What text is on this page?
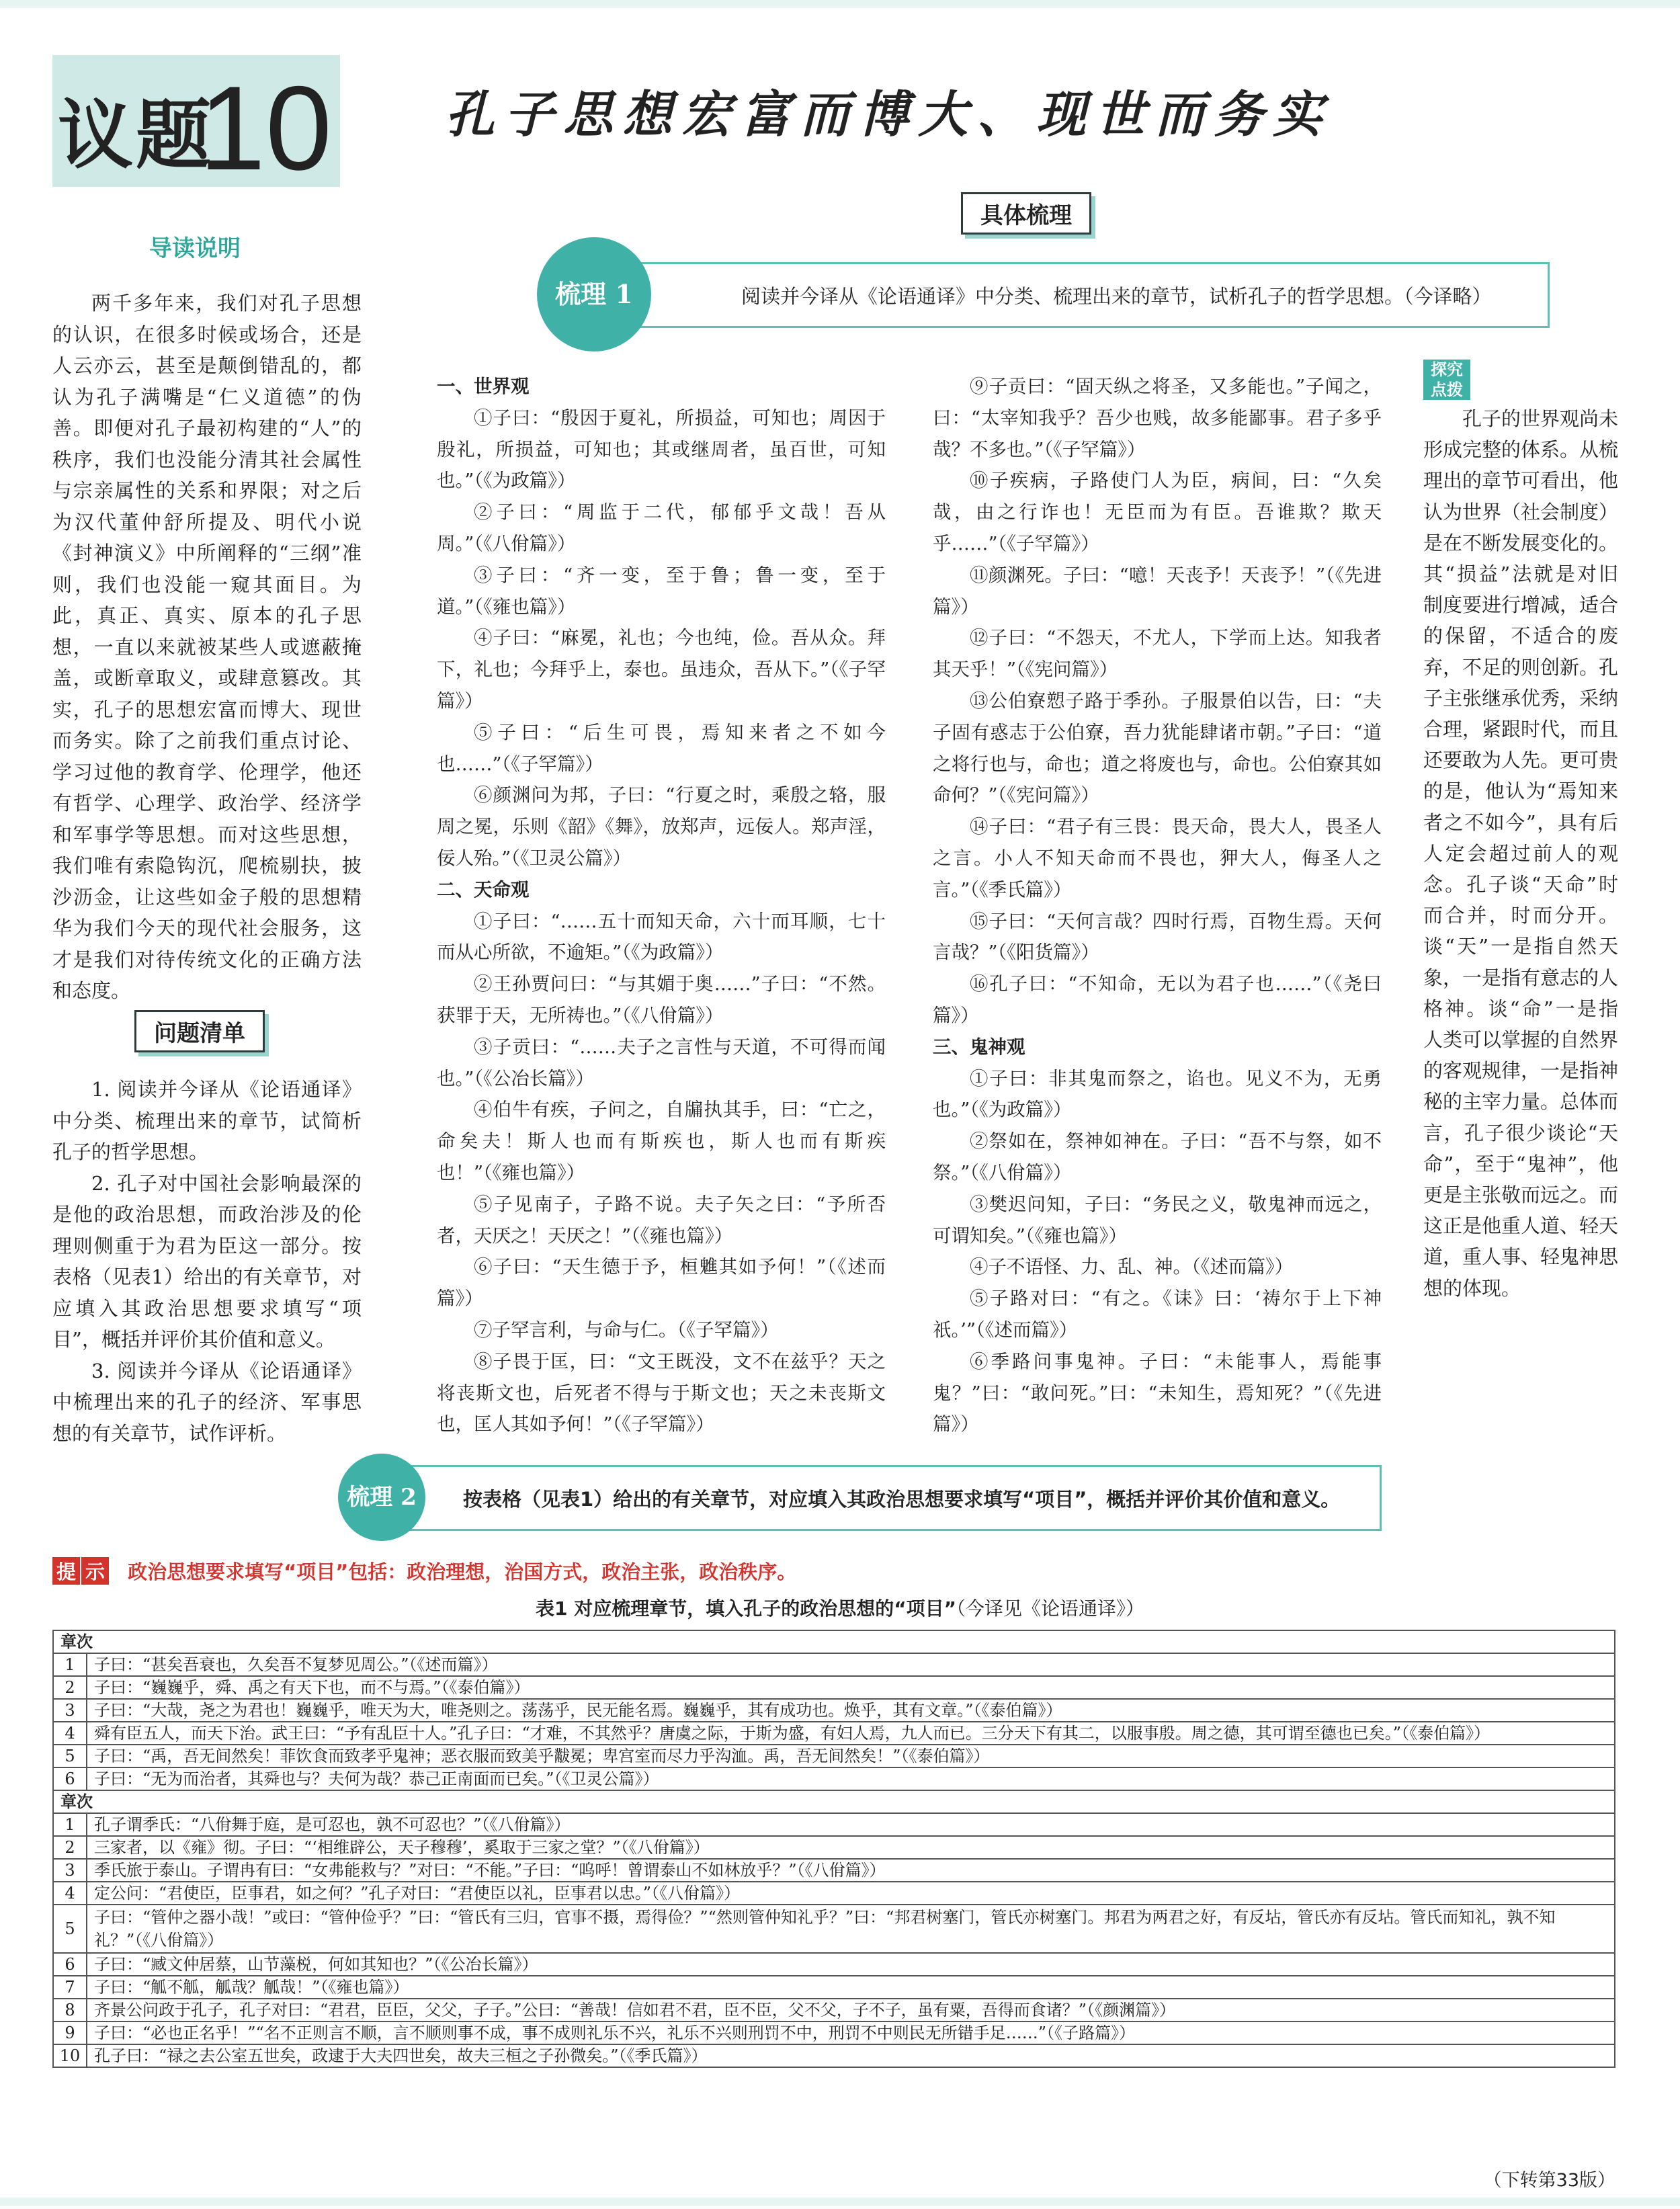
议题
10 孔子思想宏富而博大、现世而务实
导读说明

两千多年来，我们对孔子思想的认识，在很多时候或场合，还是人云亦云，甚至是颠倒错乱的，都认为孔子满嘴是“仁义道德”的伪善。即便对孔子最初构建的“人”的秩序，我们也没能分清其社会属性与宗亲属性的关系和界限；对之后为汉代董仲舒所提及、明代小说《封神演义》中所阐释的“三纲”准则，我们也没能一窥其面目。为此，真正、真实、原本的孔子思想，一直以来就被某些人或遮蔽掩盖，或断章取义，或肆意篡改。其实，孔子的思想宏富而博大、现世而务实。除了之前我们重点讨论、学习过他的教育学、伦理学，他还有哲学、心理学、政治学、经济学和军事学等思想。而对这些思想，我们唯有索隐钩沉，爬梳剔抉，披沙沥金，让这些如金子般的思想精华为我们今天的现代社会服务，这才是我们对待传统文化的正确方法和态度。

问题清单

1. 阅读并今译从《论语通译》中分类、梳理出来的章节，试简析孔子的哲学思想。

2. 孔子对中国社会影响最深的是他的政治思想，而政治涉及的伦理则侧重于为君为臣这一部分。按表格（见表1）给出的有关章节，对应填入其政治思想要求填写“项目”，概括并评价其价值和意义。

3. 阅读并今译从《论语通译》中梳理出来的孔子的经济、军事思想的有关章节，试作评析。

具体梳理
梳理 1	阅读并今译从《论语通译》中分类、梳理出来的章节，试析孔子的哲学思想。（今译略）

一、世界观

①子曰：“殷因于夏礼，所损益，可知也；周因于殷礼，所损益，可知也；其或继周者，虽百世，可知也。”（《为政篇》）

②子曰：“周监于二代，郁郁乎文哉！吾从周。”（《八佾篇》）

③子曰：“齐一变，至于鲁；鲁一变，至于道。”（《雍也篇》）

④子曰：“麻冕，礼也；今也纯，俭。吾从众。拜下，礼也；今拜乎上，泰也。虽违众，吾从下。”（《子罕篇》）

⑤子曰：“后生可畏，焉知来者之不如今也……”（《子罕篇》）

⑥颜渊问为邦，子曰：“行夏之时，乘殷之辂，服周之冕，乐则《韶》《舞》，放郑声，远佞人。郑声淫，佞人殆。”（《卫灵公篇》）

二、天命观

①子曰：“……五十而知天命，六十而耳顺，七十而从心所欲，不逾矩。”（《为政篇》）

②王孙贾问曰：“与其媚于奥……”子曰：“不然。获罪于天，无所祷也。”（《八佾篇》）

③子贡曰：“……夫子之言性与天道，不可得而闻也。”（《公冶长篇》）

④伯牛有疾，子问之，自牖执其手，曰：“亡之，命矣夫！斯人也而有斯疾也，斯人也而有斯疾也！”（《雍也篇》）

⑤子见南子，子路不说。夫子矢之曰：“予所否者，天厌之！天厌之！”（《雍也篇》）

⑥子曰：“天生德于予，桓魋其如予何！”（《述而篇》）

⑦子罕言利，与命与仁。（《子罕篇》）

⑧子畏于匡，曰：“文王既没，文不在兹乎？天之将丧斯文也，后死者不得与于斯文也；天之未丧斯文也，匡人其如予何！”（《子罕篇》）

⑨子贡曰：“固天纵之将圣，又多能也。”子闻之，曰：“太宰知我乎？吾少也贱，故多能鄙事。君子多乎哉？不多也。”（《子罕篇》）

⑩子疾病，子路使门人为臣，病间，曰：“久矣哉，由之行诈也！无臣而为有臣。吾谁欺？欺天乎……”（《子罕篇》）

⑪颜渊死。子曰：“噫！天丧予！天丧予！”（《先进篇》）

⑫子曰：“不怨天，不尤人，下学而上达。知我者其天乎！”（《宪问篇》）

⑬公伯寮愬子路于季孙。子服景伯以告，曰：“夫子固有惑志于公伯寮，吾力犹能肆诸市朝。”子曰：“道之将行也与，命也；道之将废也与，命也。公伯寮其如命何？”（《宪问篇》）

⑭子曰：“君子有三畏：畏天命，畏大人，畏圣人之言。小人不知天命而不畏也，狎大人，侮圣人之言。”（《季氏篇》）

⑮子曰：“天何言哉？四时行焉，百物生焉。天何言哉？”（《阳货篇》）

⑯孔子曰：“不知命，无以为君子也……”（《尧曰篇》）

三、鬼神观

①子曰：非其鬼而祭之，谄也。见义不为，无勇也。”（《为政篇》）

②祭如在，祭神如神在。子曰：“吾不与祭，如不祭。”（《八佾篇》）

③樊迟问知，子曰：“务民之义，敬鬼神而远之，可谓知矣。”（《雍也篇》）

④子不语怪、力、乱、神。（《述而篇》）

⑤子路对曰：“有之。《诔》曰：‘祷尔于上下神祇。’”（《述而篇》）

⑥季路问事鬼神。子曰：“未能事人，焉能事鬼？”曰：“敢问死。”曰：“未知生，焉知死？”（《先进篇》）

探究点拨

孔子的世界观尚未形成完整的体系。从梳理出的章节可看出，他认为世界（社会制度）是在不断发展变化的。其“损益”法就是对旧制度要进行增减，适合的保留，不适合的废弃，不足的则创新。孔子主张继承优秀，采纳合理，紧跟时代，而且还要敢为人先。更可贵的是，他认为“焉知来者之不如今”，具有后人定会超过前人的观念。孔子谈“天命”时而合并，时而分开。谈“天”一是指自然天象，一是指有意志的人格神。谈“命”一是指人类可以掌握的自然界的客观规律，一是指神秘的主宰力量。总体而言，孔子很少谈论“天命”，至于“鬼神”，他更是主张敬而远之。而这正是他重人道、轻天道，重人事、轻鬼神思想的体现。

梳理 2	按表格（见表1）给出的有关章节，对应填入其政治思想要求填写“项目”，概括并评价其价值和意义。
提 示 政治思想要求填写“项目”包括：政治理想，治国方式，政治主张，政治秩序。
表1 对应梳理章节，填入孔子的政治思想的“项目”（今译见《论语通译》）
章次	
1	子曰：“甚矣吾衰也，久矣吾不复梦见周公。”（《述而篇》）
2	子曰：“巍巍乎，舜、禹之有天下也，而不与焉。”（《泰伯篇》）
3	子曰：“大哉，尧之为君也！巍巍乎，唯天为大，唯尧则之。荡荡乎，民无能名焉。巍巍乎，其有成功也。焕乎，其有文章。”（《泰伯篇》）
4	舜有臣五人，而天下治。武王曰：“予有乱臣十人。”孔子曰：“才难，不其然乎？唐虞之际，于斯为盛，有妇人焉，九人而已。三分天下有其二，以服事殷。周之德，其可谓至德也已矣。”（《泰伯篇》）
5	子曰：“禹，吾无间然矣！菲饮食而致孝乎鬼神；恶衣服而致美乎黻冕；卑宫室而尽力乎沟洫。禹，吾无间然矣！”（《泰伯篇》）
6	子曰：“无为而治者，其舜也与？夫何为哉？恭己正南面而已矣。”（《卫灵公篇》）
章次	
1	孔子谓季氏：“八佾舞于庭，是可忍也，孰不可忍也？”（《八佾篇》）
2	三家者，以《雍》彻。子曰：“‘相维辟公，天子穆穆’，奚取于三家之堂？”（《八佾篇》）
3	季氏旅于泰山。子谓冉有曰：“女弗能救与？”对曰：“不能。”子曰：“呜呼！曾谓泰山不如林放乎？”（《八佾篇》）
4	定公问：“君使臣，臣事君，如之何？”孔子对曰：“君使臣以礼，臣事君以忠。”（《八佾篇》）
5	子曰：“管仲之器小哉！”或曰：“管仲俭乎？”曰：“管氏有三归，官事不摄，焉得俭？”“然则管仲知礼乎？”曰：“邦君树塞门，管氏亦树塞门。邦君为两君之好，有反坫，管氏亦有反坫。管氏而知礼，孰不知礼？”（《八佾篇》）
6	子曰：“臧文仲居蔡，山节藻棁，何如其知也？”（《公冶长篇》）
7	子曰：“觚不觚，觚哉？觚哉！”（《雍也篇》）
8	齐景公问政于孔子，孔子对曰：“君君，臣臣，父父，子子。”公曰：“善哉！信如君不君，臣不臣，父不父，子不子，虽有粟，吾得而食诸？”（《颜渊篇》）
9	子曰：“必也正名乎！”“名不正则言不顺，言不顺则事不成，事不成则礼乐不兴，礼乐不兴则刑罚不中，刑罚不中则民无所错手足……”（《子路篇》）
10	孔子曰：“禄之去公室五世矣，政逮于大夫四世矣，故夫三桓之子孙微矣。”（《季氏篇》）
（下转第33版）
